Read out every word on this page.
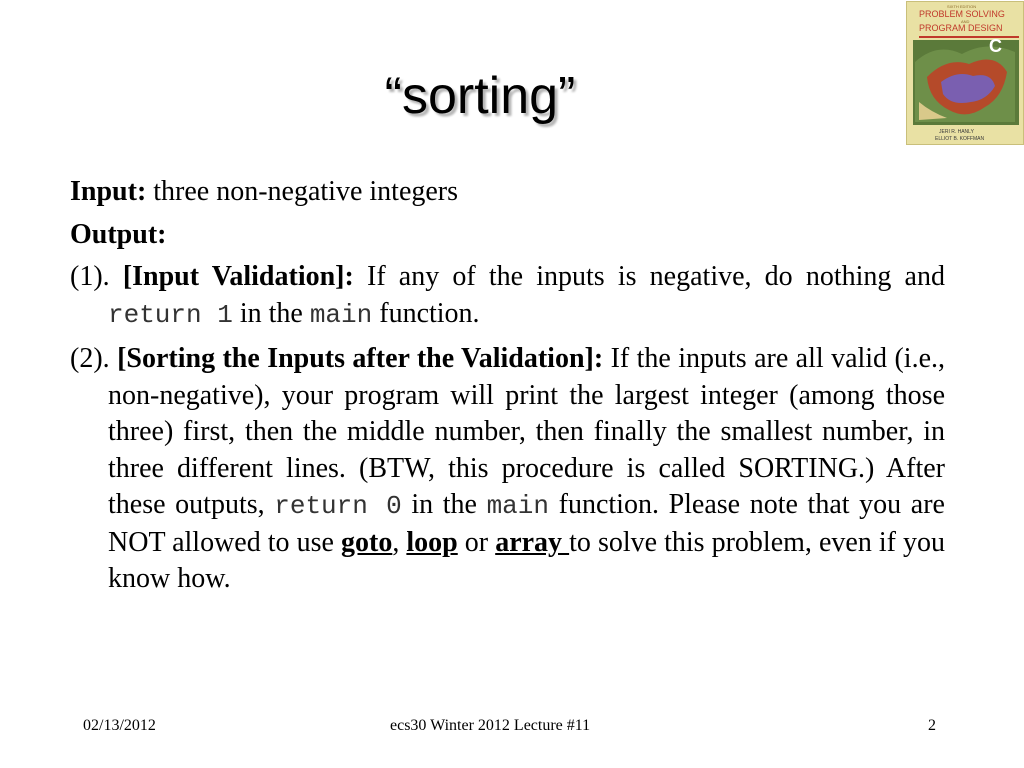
“sorting”
SIXTH EDITION
PROBLEM SOLVING
AND
PROGRAM DESIGN
C
JERI R. HANLY
ELLIOT B. KOFFMAN
Input: three non-negative integers
Output:
(1). [Input Validation]: If any of the inputs is negative, do nothing and return 1 in the main function.
(2). [Sorting the Inputs after the Validation]: If the inputs are all valid (i.e., non-negative), your program will print the largest integer (among those three) first, then the middle number, then finally the smallest number, in three different lines. (BTW, this procedure is called SORTING.) After these outputs, return 0 in the main function. Please note that you are NOT allowed to use goto, loop or array to solve this problem, even if you know how.
02/13/2012	ecs30 Winter 2012 Lecture #11	2
